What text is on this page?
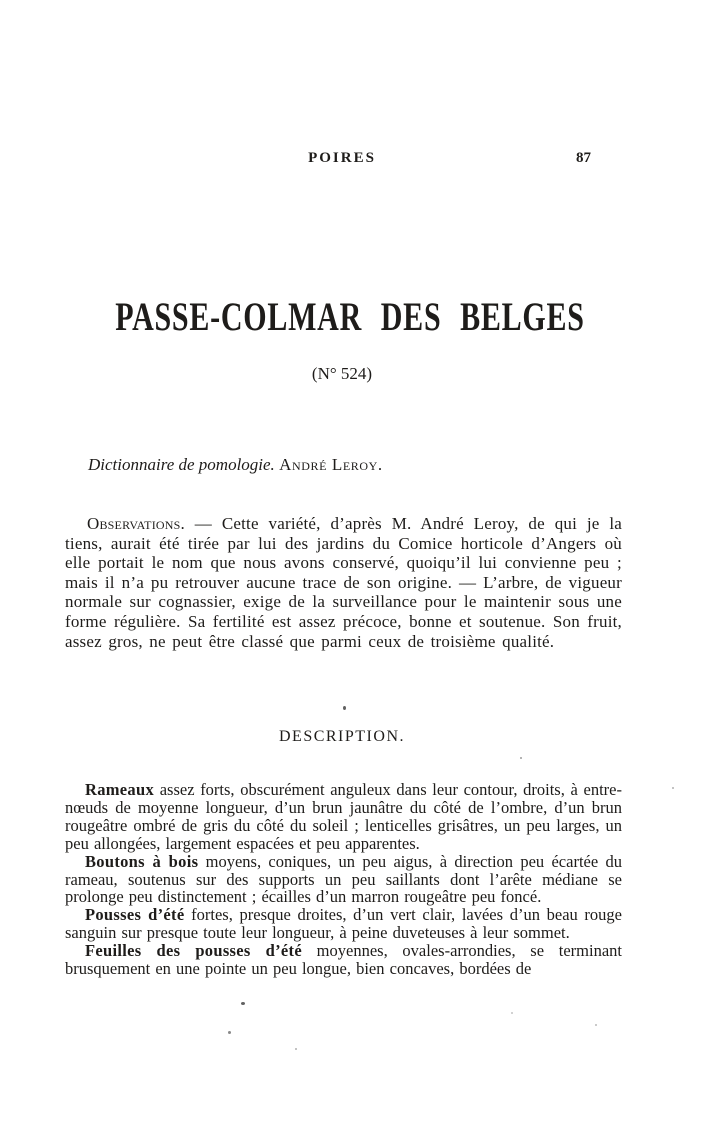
POIRES	87
PASSE-COLMAR DES BELGES
(N° 524)

Dictionnaire de pomologie. André Leroy.

Observations. — Cette variété, d’après M. André Leroy, de qui je la tiens, aurait été tirée par lui des jardins du Comice horticole d’Angers où elle portait le nom que nous avons conservé, quoiqu’il lui convienne peu ; mais il n’a pu retrouver aucune trace de son origine. — L’arbre, de vigueur normale sur cognassier, exige de la surveillance pour le maintenir sous une forme régulière. Sa fertilité est assez précoce, bonne et soutenue. Son fruit, assez gros, ne peut être classé que parmi ceux de troisième qualité.

DESCRIPTION.

Rameaux assez forts, obscurément anguleux dans leur contour, droits, à entre-nœuds de moyenne longueur, d’un brun jaunâtre du côté de l’ombre, d’un brun rougeâtre ombré de gris du côté du soleil ; lenticelles grisâtres, un peu larges, un peu allongées, largement espacées et peu apparentes.

Boutons à bois moyens, coniques, un peu aigus, à direction peu écartée du rameau, soutenus sur des supports un peu saillants dont l’arête médiane se prolonge peu distinctement ; écailles d’un marron rougeâtre peu foncé.

Pousses d’été fortes, presque droites, d’un vert clair, lavées d’un beau rouge sanguin sur presque toute leur longueur, à peine duveteuses à leur sommet.

Feuilles des pousses d’été moyennes, ovales-arrondies, se terminant brusquement en une pointe un peu longue, bien concaves, bordées de
